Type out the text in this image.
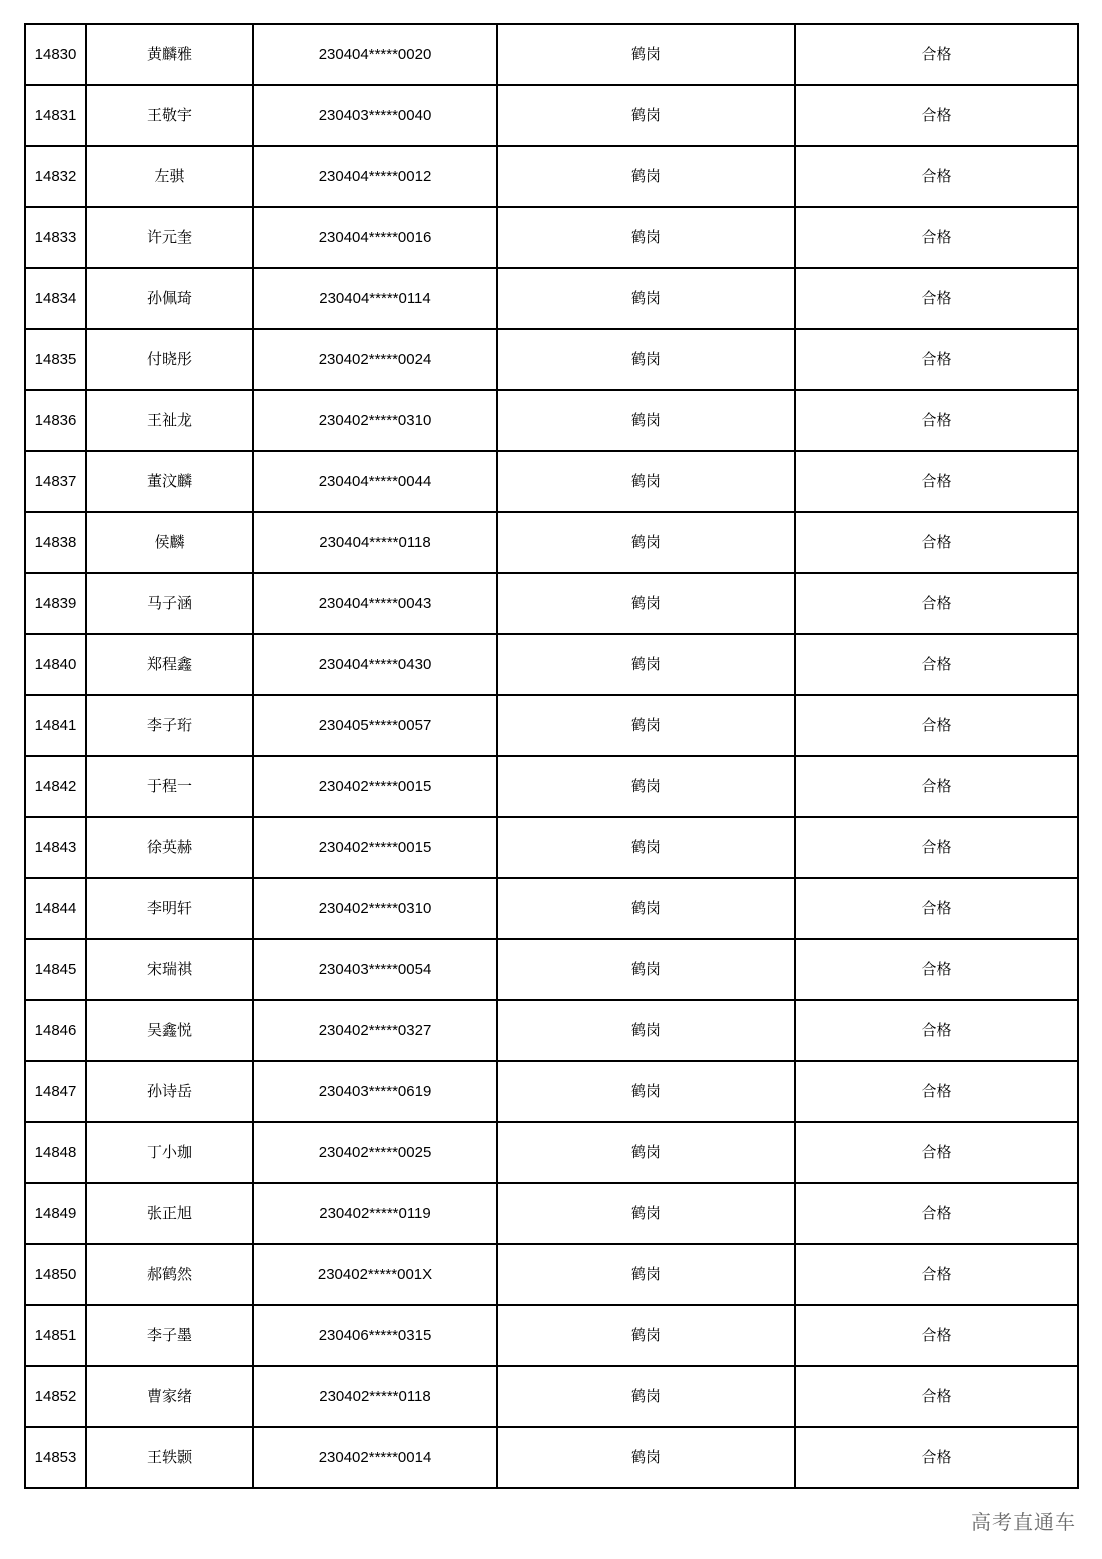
14830	黄麟雅	230404*****0020	鹤岗	合格
14831	王敬宇	230403*****0040	鹤岗	合格
14832	左骐	230404*****0012	鹤岗	合格
14833	许元奎	230404*****0016	鹤岗	合格
14834	孙佩琦	230404*****0114	鹤岗	合格
14835	付晓彤	230402*****0024	鹤岗	合格
14836	王祉龙	230402*****0310	鹤岗	合格
14837	董汶麟	230404*****0044	鹤岗	合格
14838	侯麟	230404*****0118	鹤岗	合格
14839	马子涵	230404*****0043	鹤岗	合格
14840	郑程鑫	230404*****0430	鹤岗	合格
14841	李子珩	230405*****0057	鹤岗	合格
14842	于程一	230402*****0015	鹤岗	合格
14843	徐英赫	230402*****0015	鹤岗	合格
14844	李明轩	230402*****0310	鹤岗	合格
14845	宋瑞祺	230403*****0054	鹤岗	合格
14846	吴鑫悦	230402*****0327	鹤岗	合格
14847	孙诗岳	230403*****0619	鹤岗	合格
14848	丁小珈	230402*****0025	鹤岗	合格
14849	张正旭	230402*****0119	鹤岗	合格
14850	郝鹤然	230402*****001X	鹤岗	合格
14851	李子墨	230406*****0315	鹤岗	合格
14852	曹家绪	230402*****0118	鹤岗	合格
14853	王轶颢	230402*****0014	鹤岗	合格
高考直通车
